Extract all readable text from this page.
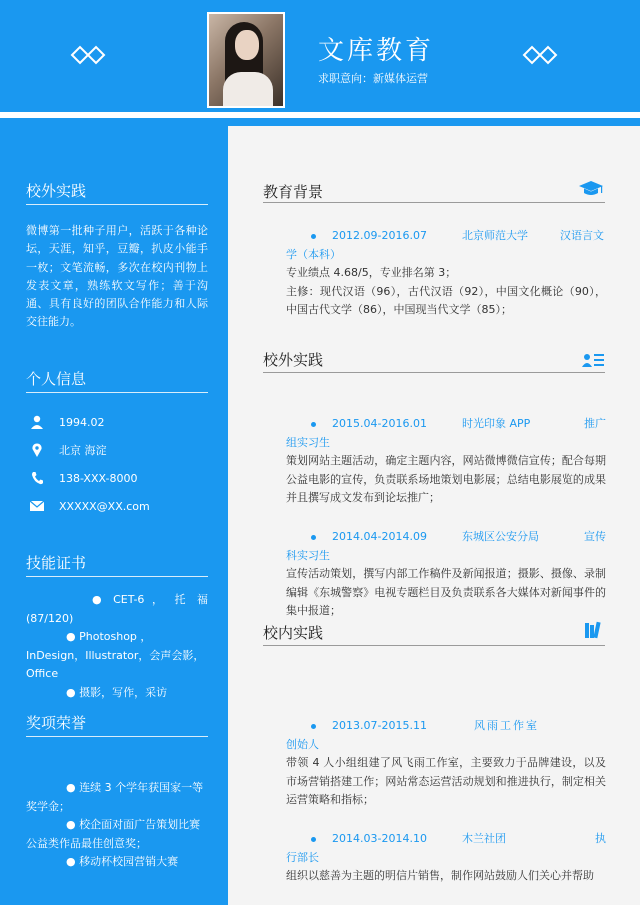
文库教育
求职意向：新媒体运营
校外实践
微博第一批种子用户，活跃于各种论坛，天涯，知乎，豆瓣，扒皮小能手一枚；文笔流畅，多次在校内刊物上发表文章，熟练软文写作；善于沟通、具有良好的团队合作能力和人际交往能力。
个人信息
1994.02
北京 海淀
138-XXX-8000
XXXXX@XX.com
技能证书
● CET-6 ， 托 福(87/120)
● Photoshop ，InDesign，Illustrator，会声会影，Office
● 摄影，写作，采访
奖项荣誉
● 连续 3 个学年获国家一等奖学金；
● 校企面对面广告策划比赛公益类作品最佳创意奖；
● 移动杯校园营销大赛
教育背景
2012.09-2016.07	北京师范大学	汉语言文

学（本科）
专业绩点 4.68/5，专业排名第 3；
主修：现代汉语（96），古代汉语（92），中国文化概论（90），中国古代文学（86），中国现当代文学（85）；
校外实践
2015.04-2016.01	时光印象 APP	推广

组实习生
策划网站主题活动，确定主题内容，网站微博微信宣传；配合每期公益电影的宣传，负责联系场地策划电影展；总结电影展览的成果并且撰写成文发布到论坛推广；
2014.04-2014.09	东城区公安分局	宣传

科实习生
宣传活动策划，撰写内部工作稿件及新闻报道；摄影、摄像、录制编辑《东城警察》电视专题栏目及负责联系各大媒体对新闻事件的集中报道；
校内实践
2013.07-2015.11	风雨工作室

创始人
带领 4 人小组组建了风飞雨工作室，主要致力于品牌建设，以及市场营销搭建工作；网站常态运营活动规划和推进执行，制定相关运营策略和指标；
2014.03-2014.10	木兰社团	执

行部长
组织以慈善为主题的明信片销售，制作网站鼓励人们关心并帮助
